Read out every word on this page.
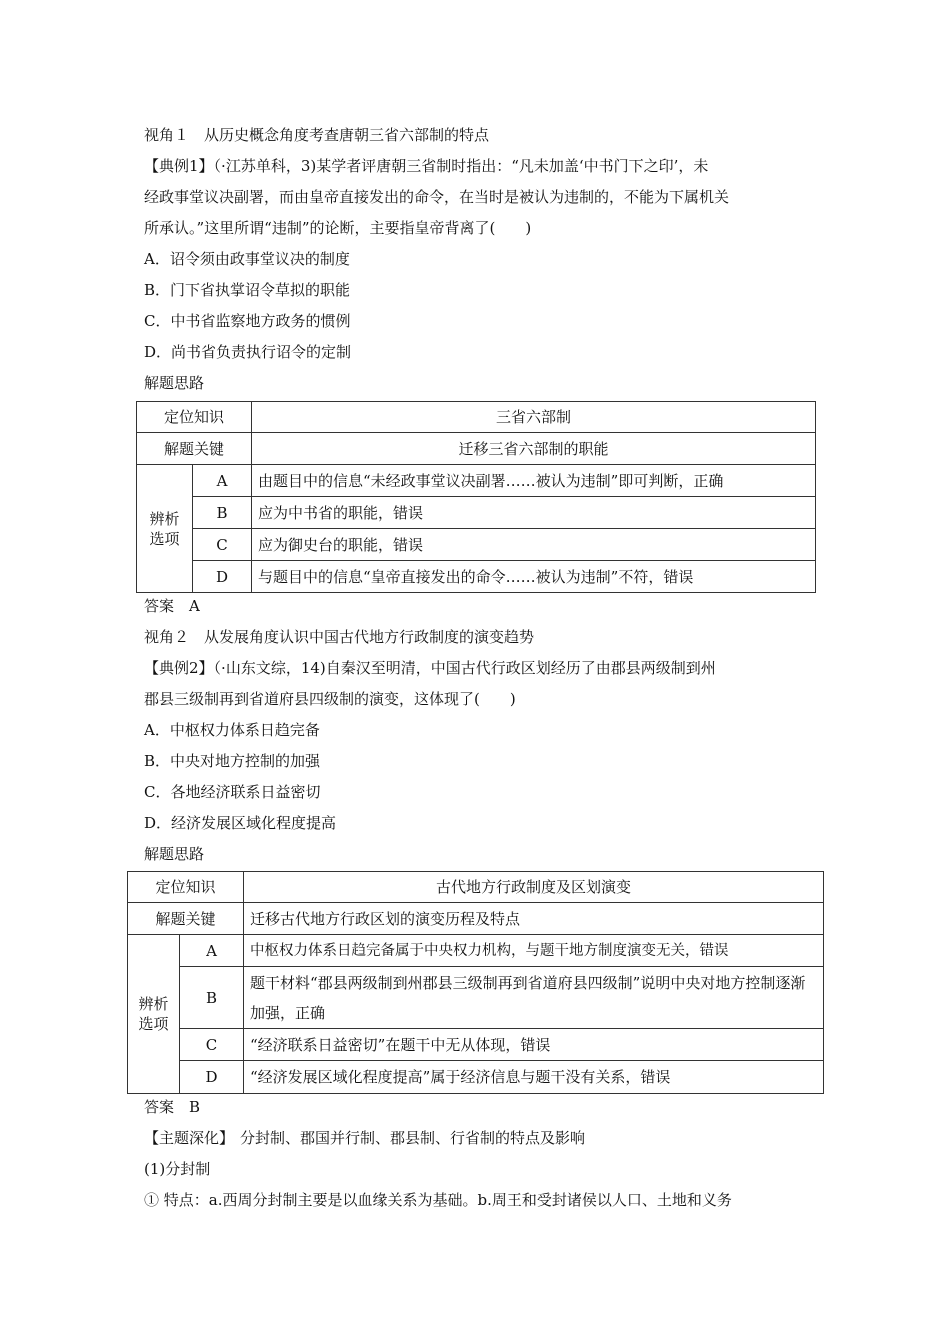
视角１　从历史概念角度考查唐朝三省六部制的特点
【典例1】（·江苏单科，3)某学者评唐朝三省制时指出：“凡未加盖‘中书门下之印’，未
经政事堂议决副署，而由皇帝直接发出的命令，在当时是被认为违制的，不能为下属机关
所承认。”这里所谓“违制”的论断，主要指皇帝背离了(　　)
A．诏令须由政事堂议决的制度
B．门下省执掌诏令草拟的职能
C．中书省监察地方政务的惯例
D．尚书省负责执行诏令的定制
解题思路
定位知识		三省六部制
解题关键		迁移三省六部制的职能
辨析选项	A	由题目中的信息“未经政事堂议决副署……被认为违制”即可判断，正确
	B	应为中书省的职能，错误
	C	应为御史台的职能，错误
	D	与题目中的信息“皇帝直接发出的命令……被认为违制”不符，错误
答案　A
视角２　从发展角度认识中国古代地方行政制度的演变趋势
【典例2】（·山东文综，14)自秦汉至明清，中国古代行政区划经历了由郡县两级制到州
郡县三级制再到省道府县四级制的演变，这体现了(　　)
A．中枢权力体系日趋完备
B．中央对地方控制的加强
C．各地经济联系日益密切
D．经济发展区域化程度提高
解题思路
定位知识		古代地方行政制度及区划演变
解题关键		迁移古代地方行政区划的演变历程及特点
辨析选项	A	中枢权力体系日趋完备属于中央权力机构，与题干地方制度演变无关，错误
	B	题干材料“郡县两级制到州郡县三级制再到省道府县四级制”说明中央对地方控制逐渐加强，正确
	C	“经济联系日益密切”在题干中无从体现，错误
	D	“经济发展区域化程度提高”属于经济信息与题干没有关系，错误
答案　B
【主题深化】 分封制、郡国并行制、郡县制、行省制的特点及影响
(1)分封制
① 特点：a.西周分封制主要是以血缘关系为基础。b.周王和受封诸侯以人口、土地和义务
